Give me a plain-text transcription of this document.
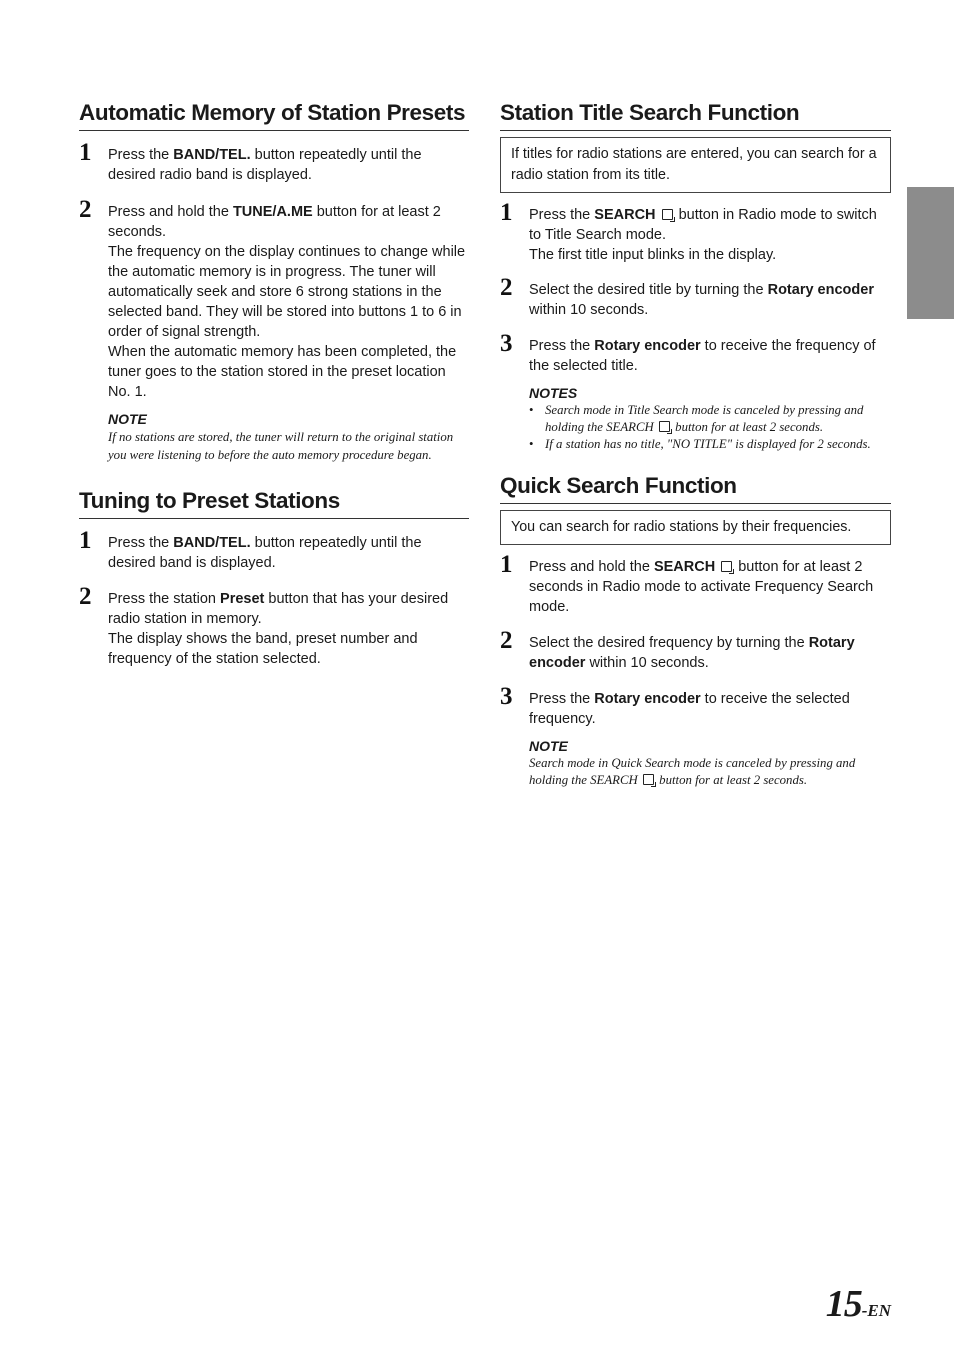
Automatic Memory of Station Presets
1 Press the BAND/TEL. button repeatedly until the desired radio band is displayed.

2 Press and hold the TUNE/A.ME button for at least 2 seconds.

The frequency on the display continues to change while the automatic memory is in progress. The tuner will automatically seek and store 6 strong stations in the selected band. They will be stored into buttons 1 to 6 in order of signal strength.

When the automatic memory has been completed, the tuner goes to the station stored in the preset location No. 1.

NOTE
If no stations are stored, the tuner will return to the original station you were listening to before the auto memory procedure began.
Tuning to Preset Stations
1 Press the BAND/TEL. button repeatedly until the desired band is displayed.

2 Press the station Preset button that has your desired radio station in memory.

The display shows the band, preset number and frequency of the station selected.

Station Title Search Function
If titles for radio stations are entered, you can search for a radio station from its title.
1 Press the SEARCH  button in Radio mode to switch to Title Search mode.

The first title input blinks in the display.

2 Select the desired title by turning the Rotary encoder within 10 seconds.

3 Press the Rotary encoder to receive the frequency of the selected title.

NOTES
• Search mode in Title Search mode is canceled by pressing and holding the SEARCH  button for at least 2 seconds.
• If a station has no title, "NO TITLE" is displayed for 2 seconds.
Quick Search Function
You can search for radio stations by their frequencies.
1 Press and hold the SEARCH  button for at least 2 seconds in Radio mode to activate Frequency Search mode.

2 Select the desired frequency by turning the Rotary encoder within 10 seconds.

3 Press the Rotary encoder to receive the selected frequency.

NOTE
Search mode in Quick Search mode is canceled by pressing and holding the SEARCH  button for at least 2 seconds.
15-EN
